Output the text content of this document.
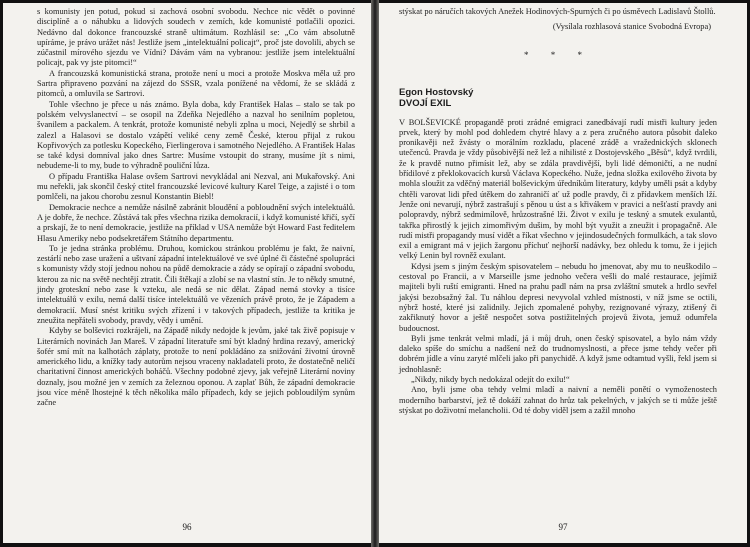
s komunisty jen potud, pokud si zachová osobní svobodu. Nechce nic vědět o povinné disciplíně a o náhubku a lidových soudech v zemích, kde komunisté potlačili opozici. Nedávno dal dokonce francouzské straně ultimátum. Rozhlásil se: „Co vám absolutně upíráme, je právo urážet nás! Jestliže jsem „intelektuální policajt“, proč jste dovolili, abych se zúčastnil mírového sjezdu ve Vídni? Dávám vám na vybranou: jestliže jsem intelektuální policajt, pak vy jste pitomci!“

A francouzská komunistická strana, protože není u moci a protože Moskva měla už pro Sartra připraveno pozvání na zájezd do SSSR, vzala ponížené na vědomí, že se skládá z pitomců, a omluvila se Sartrovi.

Tohle všechno je přece u nás známo. Byla doba, kdy František Halas – stalo se tak po polském velvyslanectví – se osopil na Zdeňka Nejedlého a nazval ho senilním popletou, švanilem a packalem. A tenkrát, protože komunisté nebyli zplna u moci, Nejedlý se shrbil a zalezl a Halasovi se dostalo vzápětí veliké ceny země České, kterou přijal z rukou Kopřivových za potlesku Kopeckého, Fierlingerova i samotného Nejedlého. A František Halas se také kdysi domníval jako dnes Sartre: Musíme vstoupit do strany, musíme jít s nimi, nebudeme-li to my, bude to výhradně pouliční lůza.

O případu Františka Halase ovšem Sartrovi nevykládal ani Nezval, ani Mukařovský. Ani mu neřekli, jak skončil český ctitel francouzské levicové kultury Karel Teige, a zajisté i o tom pomlčeli, na jakou chorobu zesnul Konstantin Biebl!

Demokracie nechce a nemůže násilně zabránit bloudění a pobloudnění svých intelektuálů. A je dobře, že nechce. Zůstává tak přes všechna rizika demokracií, i když komunisté křičí, syčí a prskají, že to není demokracie, jestliže na příklad v USA nemůže být Howard Fast ředitelem Hlasu Ameriky nebo podsekretářem Státního departmentu.

To je jedna stránka problému. Druhou, komickou stránkou problému je fakt, že naivní, zestárlí nebo zase uražení a uštvaní západní intelektuálové ve své úplné či částečné spolupráci s komunisty vždy stojí jednou nohou na půdě demokracie a zády se opírají o západní svobodu, kterou za nic na světě nechtějí ztratit. Čili štěkají a zlobí se na vlastní stín. Je to někdy smutné, jindy groteskní nebo zase k vzteku, ale nedá se nic dělat. Západ nemá stovky a tisíce intelektuálů v exilu, nemá další tisíce intelektuálů ve vězeních právě proto, že je Západem a demokracií. Musí snést kritiku svých zřízení i v takových případech, jestliže ta kritika je zneužita nepřáteli svobody, pravdy, vědy i umění.

Kdyby se bolševici rozkrájeli, na Západě nikdy nedojde k jevům, jaké tak živě popisuje v Literárních novinách Jan Mareš. V západní literatuře smí být kladný hrdina rezavý, americký šofér smí mít na kalhotách záplaty, protože to není pokládáno za snižování životní úrovně amerického lidu, a knížky tady autorům nejsou vraceny nakladateli proto, že dostatečně neličí charitativní činnost amerických boháčů. Všechny podobné zjevy, jak veřejně Literární noviny doznaly, jsou možné jen v zemích za železnou oponou. A zaplať Bůh, že západní demokracie jsou více méně lhostejné k těch několika málo případech, kdy se jejich pobloudilým synům začne

96

stýskat po náručích takových Anežek Hodinových-Spurných či po úsměvech Ladislavů Štollů.

(Vysílala rozhlasová stanice Svobodná Evropa)
* * *
Egon Hostovský
DVOJÍ EXIL

V BOLŠEVICKÉ propagandě proti zrádné emigraci zanedbávají rudí mistři kultury jeden prvek, který by mohl pod dohledem chytré hlavy a z pera zručného autora působit daleko pronikavěji než žvásty o morálním rozkladu, placené zrádě a vražednických sklonech utečenců. Pravda je vždy působivější než lež a nihilisté z Dostojevského „Běsů“, když tvrdili, že k pravdě nutno přimísit lež, aby se zdála pravdivější, byli lidé démoničtí, a ne nudní břídilové z překlokovacích kursů Václava Kopeckého. Nuže, jedna složka exilového života by mohla sloužit za vděčný materiál bolševickým úředníkům literatury, kdyby uměli psát a kdyby chtěli varovat lidi před útěkem do zahraničí ať už podle pravdy, či z přídavkem menších lží. Jenže oni nevarují, nýbrž zastrašují s pěnou u úst a s křivákem v pravici a nešťastí pravdy ani polopravdy, nýbrž sedmimílově, hrůzostrašné lži. Život v exilu je teskný a smutek exulantů, takřka přirostlý k jejich zimomřivým dušim, by mohl být využit a zneužit i propagačně. Ale rudí mistři propagandy musí vidět a říkat všechno v jejindosudečných formulkách, a tak slovo exil a emigrant má v jejich žargonu příchuť nejhorší nadávky, bez ohledu k tomu, že i jejich velký Lenin byl rovněž exulant.

Kdysi jsem s jiným českým spisovatelem – nebudu ho jmenovat, aby mu to neuškodilo – cestoval po Francii, a v Marseille jsme jednoho večera vešli do malé restaurace, jejímiž majiteli byli ruští emigranti. Hned na prahu padl nám na prsa zvláštní smutek a hrdlo sevřel jakýsi bezobsažný žal. Tu náhlou depresi nevyvolal vzhled místnosti, v níž jsme se octili, nýbrž hosté, které jsi zalidnily. Jejich zpomalené pohyby, rezignované výrazy, ztišený či zakřiknutý hovor a ještě nespočet sotva postižitelných projevů života, jemuž odumřela budoucnost.

Byli jsme tenkrát velmi mladí, já i můj druh, onen český spisovatel, a bylo nám vždy daleko spíše do smíchu a nadšení než do trudnomyslnosti, a přece jsme tehdy večer při dobrém jídle a vínu zaryté mlčeli jako při panychidě. A když jsme odtamtud vyšli, řekl jsem si jednohlasně:

„Nikdy, nikdy bych nedokázal odejít do exilu!“

Ano, byli jsme oba tehdy velmi mladí a naivní a neměli ponětí o vymoženostech moderního barbarství, jež tě dokáží zahnat do hrůz tak pekelných, v jakých se ti může ještě stýskat po doživotní melancholii. Od té doby viděl jsem a zažil mnoho

97
